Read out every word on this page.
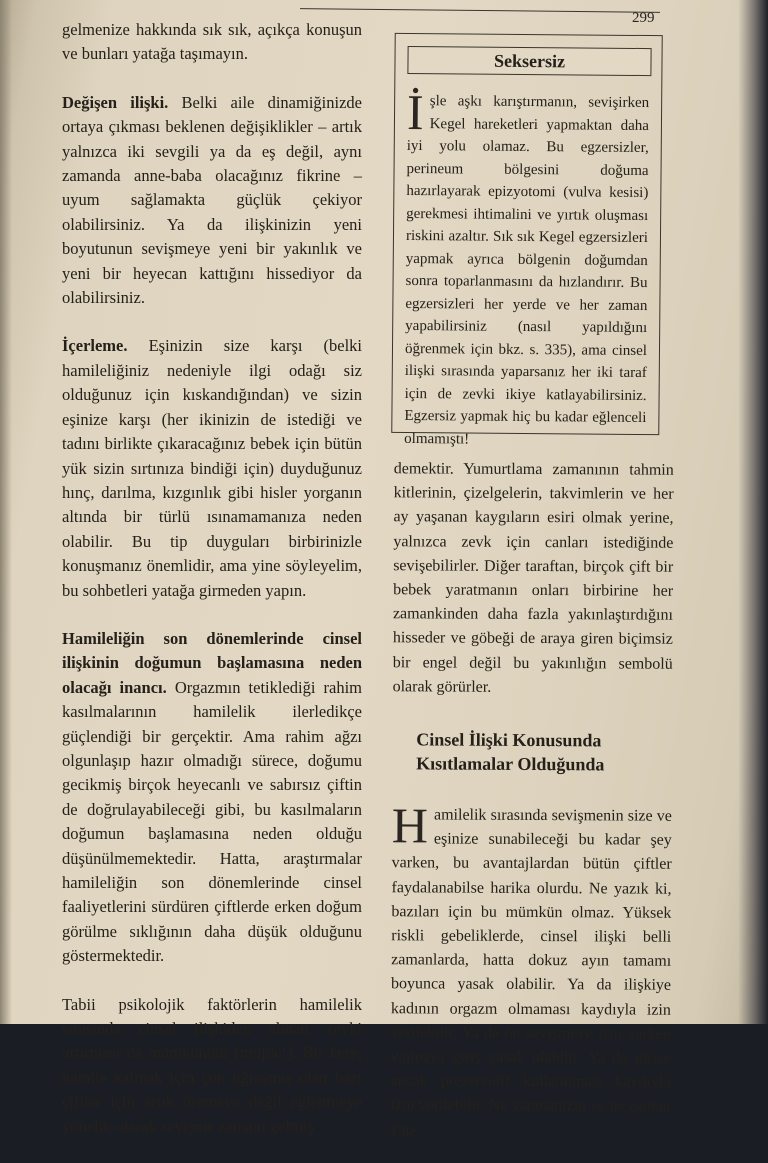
299

gelmenize hakkında sık sık, açıkça konuşun ve bunları yatağa taşımayın.

Değişen ilişki. Belki aile dinamiğinizde ortaya çıkması beklenen değişiklikler – artık yalnızca iki sevgili ya da eş değil, aynı zamanda anne-baba olacağınız fikrine – uyum sağlamakta güçlük çekiyor olabilirsiniz. Ya da ilişkinizin yeni boyutunun sevişmeye yeni bir yakınlık ve yeni bir heyecan kattığını hissediyor da olabilirsiniz.

İçerleme. Eşinizin size karşı (belki hamileliğiniz nedeniyle ilgi odağı siz olduğunuz için kıskandığından) ve sizin eşinize karşı (her ikinizin de istediği ve tadını birlikte çıkaracağınız bebek için bütün yük sizin sırtınıza bindiği için) duyduğunuz hınç, darılma, kızgınlık gibi hisler yorganın altında bir türlü ısınamamanıza neden olabilir. Bu tip duyguları birbirinizle konuşmanız önemlidir, ama yine söyleyelim, bu sohbetleri yatağa girmeden yapın.

Hamileliğin son dönemlerinde cinsel ilişkinin doğumun başlamasına neden olacağı inancı. Orgazmın tetiklediği rahim kasılmalarının hamilelik ilerledikçe güçlendiği bir gerçektir. Ama rahim ağzı olgunlaşıp hazır olmadığı sürece, doğumu gecikmiş birçok heyecanlı ve sabırsız çiftin de doğrulayabileceği gibi, bu kasılmaların doğumun başlamasına neden olduğu düşünülmemektedir. Hatta, araştırmalar hamileliğin son dönemlerinde cinsel faaliyetlerini sürdüren çiftlerde erken doğum görülme sıklığının daha düşük olduğunu göstermektedir.

Tabii psikolojik faktörlerin hamilelik sırasında cinsel ilişkiden alınan zevki artırması da mümkündür (müjde!). Bir kere, hamile kalmak için çok uğraşmış olan bazı çiftler için artık üremeye değil eğlenmeye yönelik olarak sevişme zamanı gelmiş

Seksersiz
İ şle aşkı karıştırmanın, sevişirken Kegel hareketleri yapmaktan daha iyi yolu olamaz. Bu egzersizler, perineum bölgesini doğuma hazırlayarak epizyotomi (vulva kesisi) gerekmesi ihtimalini ve yırtık oluşması riskini azaltır. Sık sık Kegel egzersizleri yapmak ayrıca bölgenin doğumdan sonra toparlanmasını da hızlandırır. Bu egzersizleri her yerde ve her zaman yapabilirsiniz (nasıl yapıldığını öğrenmek için bkz. s. 335), ama cinsel ilişki sırasında yaparsanız her iki taraf için de zevki ikiye katlayabilirsiniz. Egzersiz yapmak hiç bu kadar eğlenceli olmamıştı!

demektir. Yumurtlama zamanının tahmin kitlerinin, çizelgelerin, takvimlerin ve her ay yaşanan kaygıların esiri olmak yerine, yalnızca zevk için canları istediğinde sevişebilirler. Diğer taraftan, birçok çift bir bebek yaratmanın onları birbirine her zamankinden daha fazla yakınlaştırdığını hisseder ve göbeği de araya giren biçimsiz bir engel değil bu yakınlığın sembolü olarak görürler.

Cinsel İlişki Konusunda Kısıtlamalar Olduğunda

H amilelik sırasında sevişmenin size ve eşinize sunabileceği bu kadar şey varken, bu avantajlardan bütün çiftler faydalanabilse harika olurdu. Ne yazık ki, bazıları için bu mümkün olmaz. Yüksek riskli gebeliklerde, cinsel ilişki belli zamanlarda, hatta dokuz ayın tamamı boyunca yasak olabilir. Ya da ilişkiye kadının orgazm olmaması kaydıyla izin verilebilir. Ya da ön sevişmeye izin varken vajinaya giriş yasak olabilir. Ya da girişe ancak prezervatif kullanılması kaydıyla izin verilebilir. Ne yapmanızın ve ne zaman yap-
